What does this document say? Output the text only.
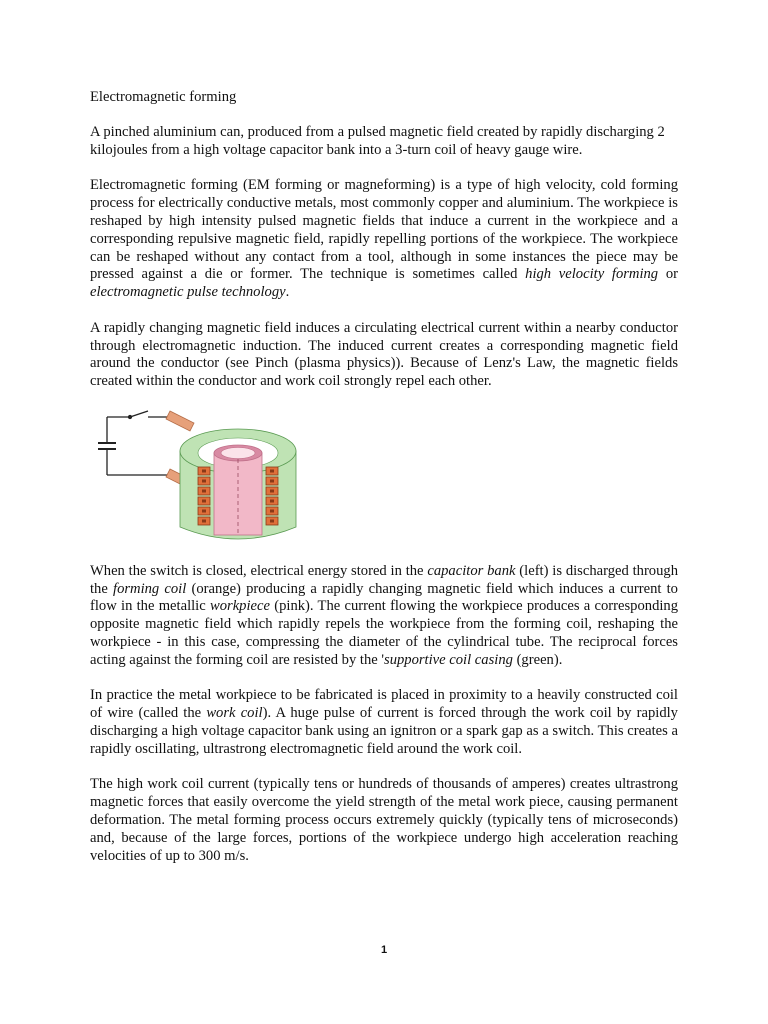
Electromagnetic forming

A pinched aluminium can, produced from a pulsed magnetic field created by rapidly discharging 2 kilojoules from a high voltage capacitor bank into a 3-turn coil of heavy gauge wire.

Electromagnetic forming (EM forming or magneforming) is a type of high velocity, cold forming process for electrically conductive metals, most commonly copper and aluminium. The workpiece is reshaped by high intensity pulsed magnetic fields that induce a current in the workpiece and a corresponding repulsive magnetic field, rapidly repelling portions of the workpiece. The workpiece can be reshaped without any contact from a tool, although in some instances the piece may be pressed against a die or former. The technique is sometimes called high velocity forming or electromagnetic pulse technology.

A rapidly changing magnetic field induces a circulating electrical current within a nearby conductor through electromagnetic induction. The induced current creates a corresponding magnetic field around the conductor (see Pinch (plasma physics)). Because of Lenz's Law, the magnetic fields created within the conductor and work coil strongly repel each other.

When the switch is closed, electrical energy stored in the capacitor bank (left) is discharged through the forming coil (orange) producing a rapidly changing magnetic field which induces a current to flow in the metallic workpiece (pink). The current flowing the workpiece produces a corresponding opposite magnetic field which rapidly repels the workpiece from the forming coil, reshaping the workpiece - in this case, compressing the diameter of the cylindrical tube. The reciprocal forces acting against the forming coil are resisted by the 'supportive coil casing (green).

In practice the metal workpiece to be fabricated is placed in proximity to a heavily constructed coil of wire (called the work coil). A huge pulse of current is forced through the work coil by rapidly discharging a high voltage capacitor bank using an ignitron or a spark gap as a switch. This creates a rapidly oscillating, ultrastrong electromagnetic field around the work coil.

The high work coil current (typically tens or hundreds of thousands of amperes) creates ultrastrong magnetic forces that easily overcome the yield strength of the metal work piece, causing permanent deformation. The metal forming process occurs extremely quickly (typically tens of microseconds) and, because of the large forces, portions of the workpiece undergo high acceleration reaching velocities of up to 300 m/s.

1
